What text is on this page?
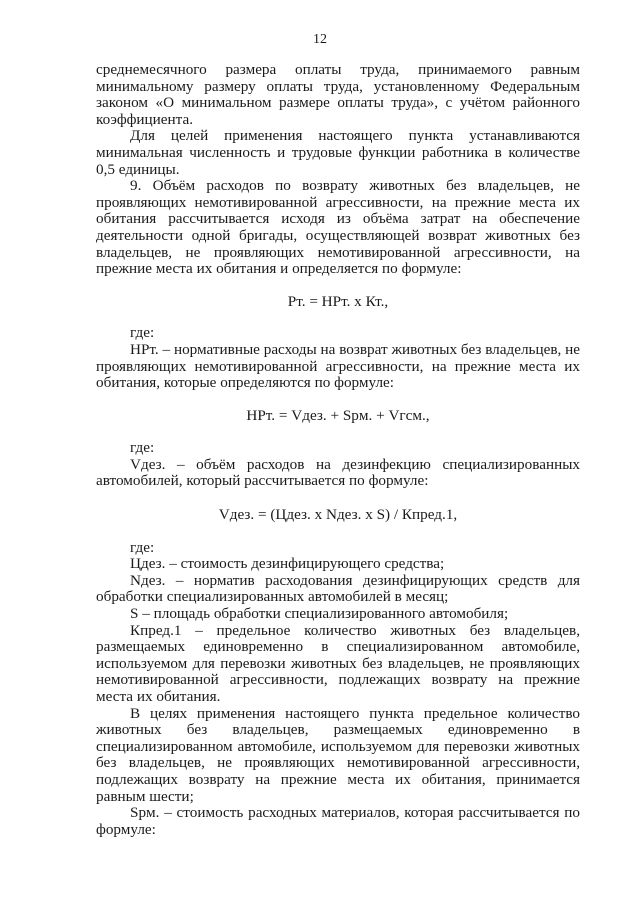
12

среднемесячного размера оплаты труда, принимаемого равным минимальному размеру оплаты труда, установленному Федеральным законом «О минимальном размере оплаты труда», с учётом районного коэффициента.

Для целей применения настоящего пункта устанавливаются минимальная численность и трудовые функции работника в количестве 0,5 единицы.

9. Объём расходов по возврату животных без владельцев, не проявляющих немотивированной агрессивности, на прежние места их обитания рассчитывается исходя из объёма затрат на обеспечение деятельности одной бригады, осуществляющей возврат животных без владельцев, не проявляющих немотивированной агрессивности, на прежние места их обитания и определяется по формуле:

Рт. = НРт. х Кт.,

где:

НРт. – нормативные расходы на возврат животных без владельцев, не проявляющих немотивированной агрессивности, на прежние места их обитания, которые определяются по формуле:

НРт. = Vдез. + Spм. + Vгсм.,

где:

Vдез. – объём расходов на дезинфекцию специализированных автомобилей, который рассчитывается по формуле:

Vдез. = (Цдез. х Nдез. х S) / Кпред.1,

где:

Цдез. – стоимость дезинфицирующего средства;

Nдез. – норматив расходования дезинфицирующих средств для обработки специализированных автомобилей в месяц;

S – площадь обработки специализированного автомобиля;

Кпред.1 – предельное количество животных без владельцев, размещаемых единовременно в специализированном автомобиле, используемом для перевозки животных без владельцев, не проявляющих немотивированной агрессивности, подлежащих возврату на прежние места их обитания.

В целях применения настоящего пункта предельное количество животных без владельцев, размещаемых единовременно в специализированном автомобиле, используемом для перевозки животных без владельцев, не проявляющих немотивированной агрессивности, подлежащих возврату на прежние места их обитания, принимается равным шести;

Spм. – стоимость расходных материалов, которая рассчитывается по формуле:
